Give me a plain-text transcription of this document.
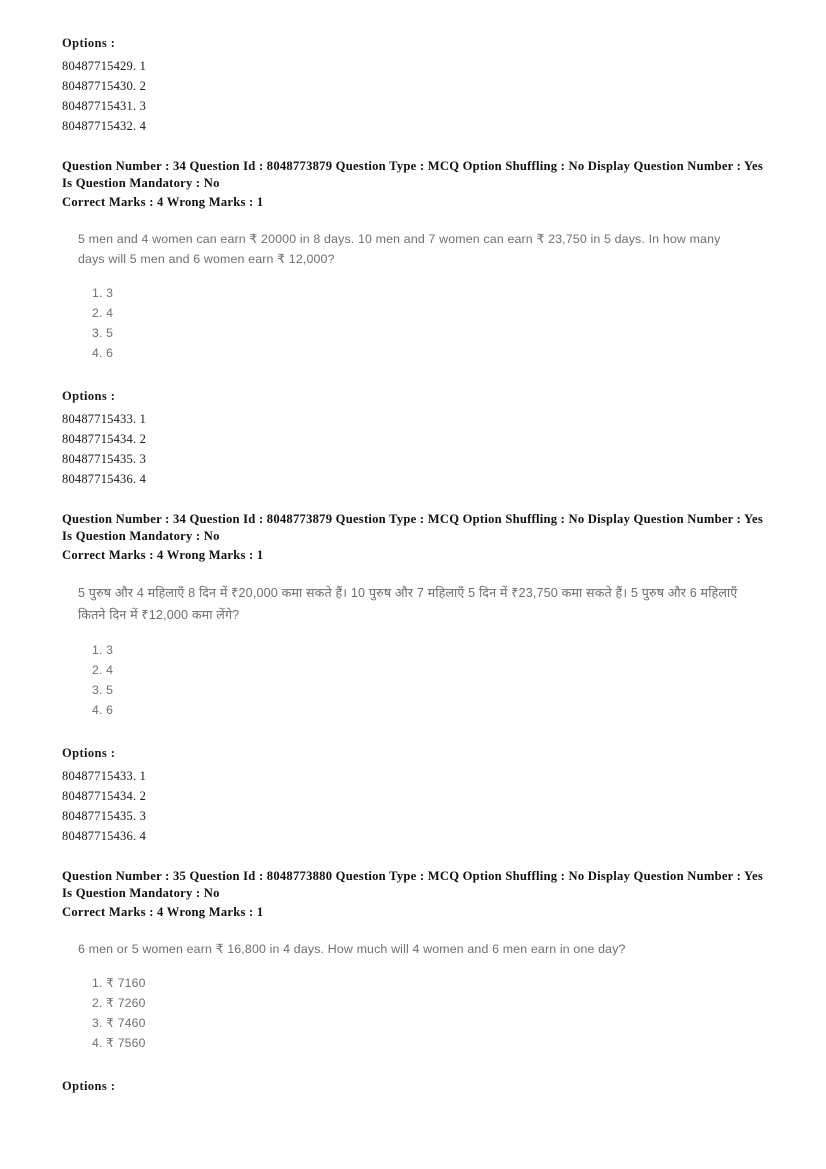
Options :
80487715429. 1
80487715430. 2
80487715431. 3
80487715432. 4
Question Number : 34 Question Id : 8048773879 Question Type : MCQ Option Shuffling : No Display Question Number : Yes
Is Question Mandatory : No
Correct Marks : 4 Wrong Marks : 1
5 men and 4 women can earn ₹ 20000 in 8 days. 10 men and 7 women can earn ₹ 23,750 in 5 days. In how many days will 5 men and 6 women earn ₹ 12,000?
1. 3
2. 4
3. 5
4. 6
Options :
80487715433. 1
80487715434. 2
80487715435. 3
80487715436. 4
Question Number : 34 Question Id : 8048773879 Question Type : MCQ Option Shuffling : No Display Question Number : Yes
Is Question Mandatory : No
Correct Marks : 4 Wrong Marks : 1
5 पुरुष और 4 महिलाएँ 8 दिन में ₹20,000 कमा सकते हैं। 10 पुरुष और 7 महिलाएँ 5 दिन में ₹23,750 कमा सकते हैं। 5 पुरुष और 6 महिलाएँ कितने दिन में ₹12,000 कमा लेंगे?
1. 3
2. 4
3. 5
4. 6
Options :
80487715433. 1
80487715434. 2
80487715435. 3
80487715436. 4
Question Number : 35 Question Id : 8048773880 Question Type : MCQ Option Shuffling : No Display Question Number : Yes
Is Question Mandatory : No
Correct Marks : 4 Wrong Marks : 1
6 men or 5 women earn ₹ 16,800 in 4 days. How much will 4 women and 6 men earn in one day?
1. ₹ 7160
2. ₹ 7260
3. ₹ 7460
4. ₹ 7560
Options :
